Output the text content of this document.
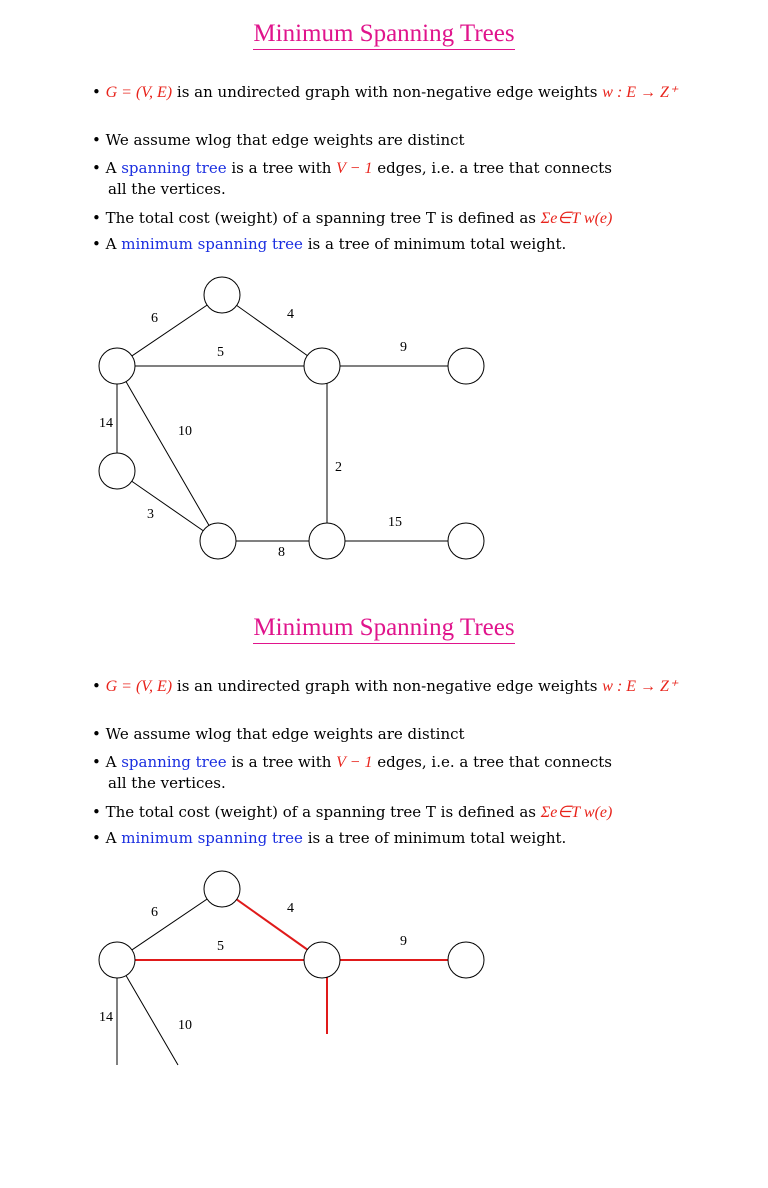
Minimum Spanning Trees
• G = (V, E) is an undirected graph with non-negative edge weights w : E → Z⁺
• We assume wlog that edge weights are distinct
• A spanning tree is a tree with V − 1 edges, i.e. a tree that connects
all the vertices.
• The total cost (weight) of a spanning tree T is defined as Σe∈T w(e)
• A minimum spanning tree is a tree of minimum total weight.
6	4
5	9
14
10
2
3
15
8
Minimum Spanning Trees
• G = (V, E) is an undirected graph with non-negative edge weights w : E → Z⁺
• We assume wlog that edge weights are distinct
• A spanning tree is a tree with V − 1 edges, i.e. a tree that connects
all the vertices.
• The total cost (weight) of a spanning tree T is defined as Σe∈T w(e)
• A minimum spanning tree is a tree of minimum total weight.
6	4
5	9
14
10
